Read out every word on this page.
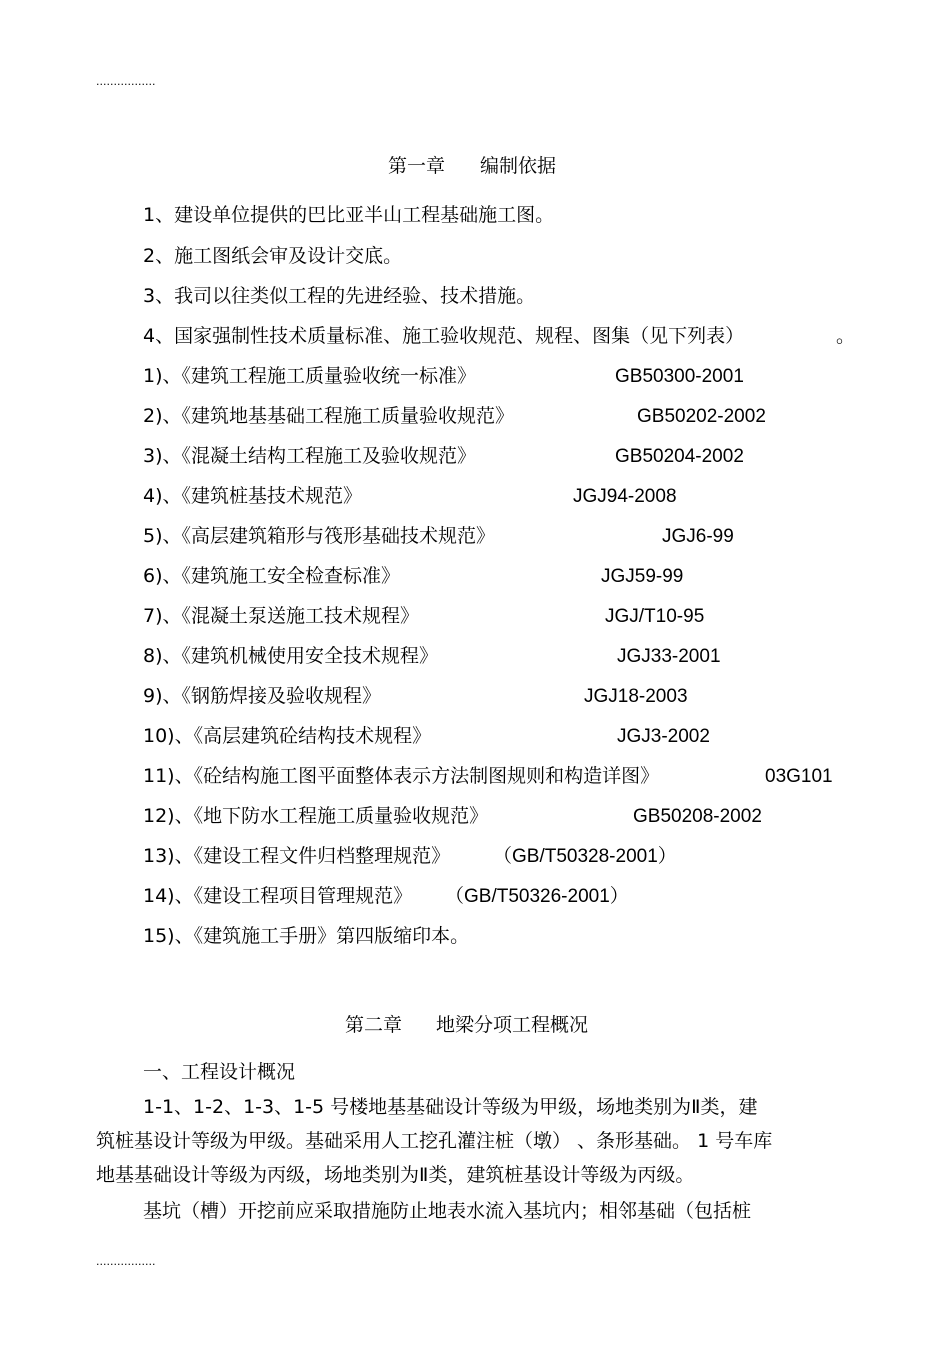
.................
第一章 编制依据
1、建设单位提供的巴比亚半山工程基础施工图。
2、施工图纸会审及设计交底。
3、我司以往类似工程的先进经验、技术措施。
4、国家强制性技术质量标准、施工验收规范、规程、图集（见下列表）	。
1)、《建筑工程施工质量验收统一标准》	GB50300-2001
2)、《建筑地基基础工程施工质量验收规范》	GB50202-2002
3)、《混凝土结构工程施工及验收规范》	GB50204-2002
4)、《建筑桩基技术规范》	JGJ94-2008
5)、《高层建筑箱形与筏形基础技术规范》	JGJ6-99
6)、《建筑施工安全检查标准》	JGJ59-99
7)、《混凝土泵送施工技术规程》	JGJ/T10-95
8)、《建筑机械使用安全技术规程》	JGJ33-2001
9)、《钢筋焊接及验收规程》	JGJ18-2003
10)、《高层建筑砼结构技术规程》	JGJ3-2002
11)、《砼结构施工图平面整体表示方法制图规则和构造详图》	03G101
12)、《地下防水工程施工质量验收规范》	GB50208-2002
13)、《建设工程文件归档整理规范》 （GB/T50328-2001）
14)、《建设工程项目管理规范》 （GB/T50326-2001）
15)、《建筑施工手册》第四版缩印本。
第二章 地梁分项工程概况
一、工程设计概况
1-1、1-2、1-3、1-5 号楼地基基础设计等级为甲级，场地类别为Ⅱ类，建
筑桩基设计等级为甲级。基础采用人工挖孔灌注桩（墩） 、条形基础。 1 号车库
地基基础设计等级为丙级，场地类别为Ⅱ类，建筑桩基设计等级为丙级。
基坑（槽）开挖前应采取措施防止地表水流入基坑内；相邻基础（包括桩
.................
